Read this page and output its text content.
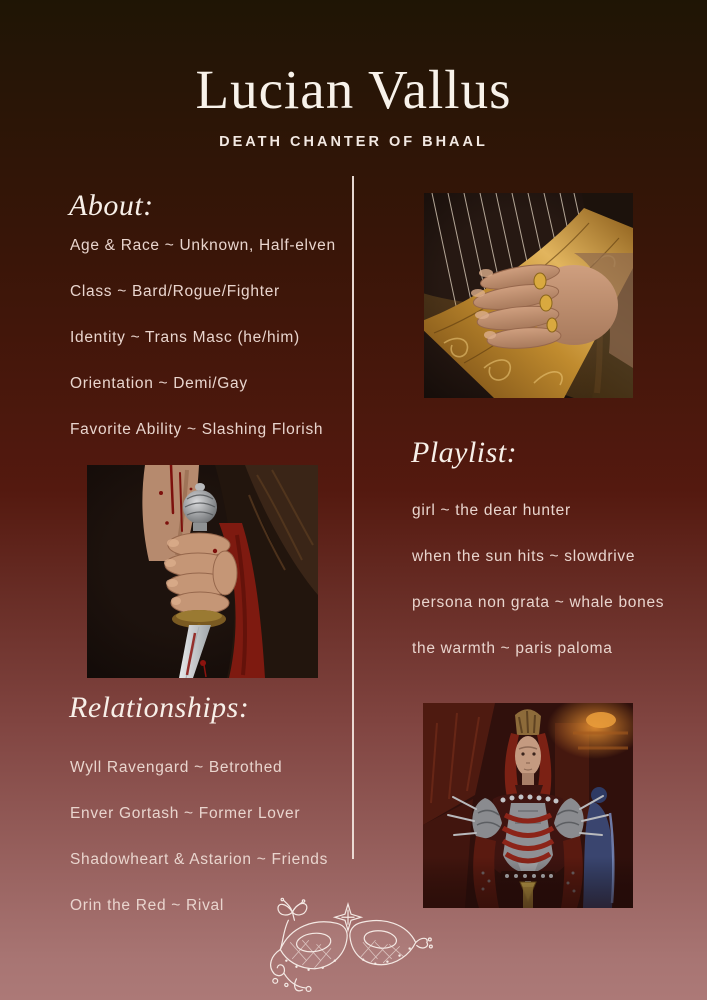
Lucian Vallus
DEATH CHANTER OF BHAAL
About:

Age & Race ~ Unknown, Half-elven

Class ~ Bard/Rogue/Fighter

Identity ~ Trans Masc (he/him)

Orientation ~ Demi/Gay

Favorite Ability ~ Slashing Florish

Playlist:

girl ~ the dear hunter

when the sun hits ~ slowdrive

persona non grata ~ whale bones

the warmth ~ paris paloma

Relationships:

Wyll Ravengard ~ Betrothed

Enver Gortash ~ Former Lover

Shadowheart & Astarion ~ Friends

Orin the Red ~ Rival
